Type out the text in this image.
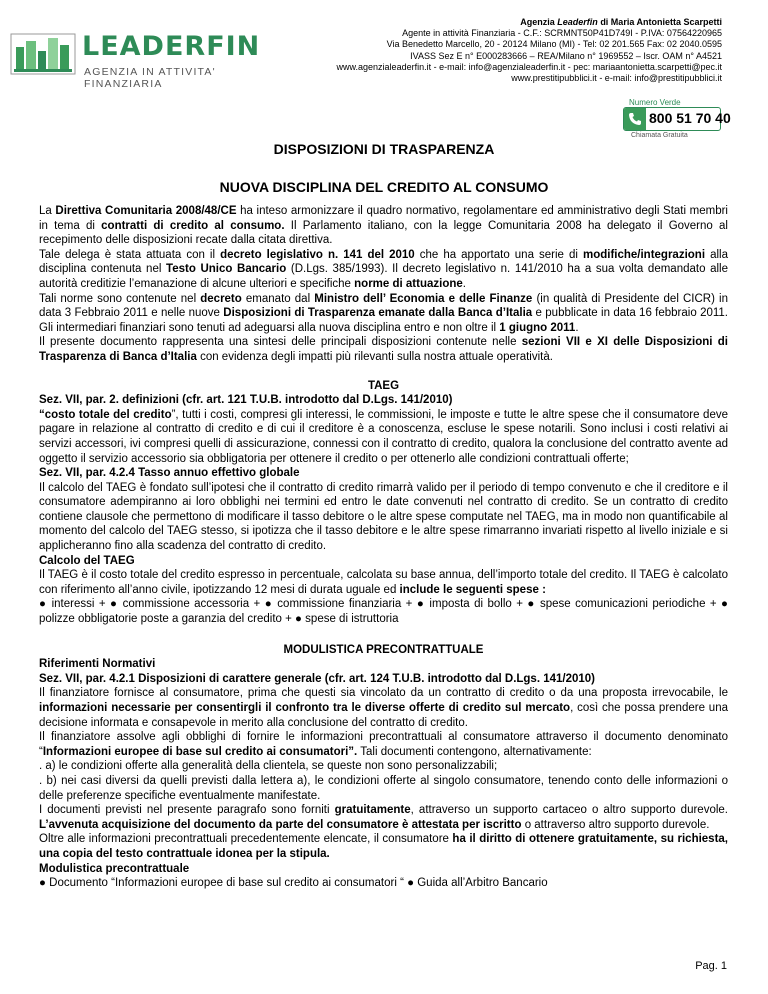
LEADERFIN
AGENZIA IN ATTIVITA' FINANZIARIA
Agenzia Leaderfin di Maria Antonietta Scarpetti
Agente in attività Finanziaria - C.F.: SCRMNT50P41D749I - P.IVA: 07564220965
Via Benedetto Marcello, 20 - 20124 Milano (MI) - Tel: 02 201.565 Fax: 02 2040.0595
IVASS Sez E n° E000283666 – REA/Milano n° 1969552 – Iscr. OAM n° A4521
www.agenzialeaderfin.it - e-mail: info@agenzialeaderfin.it - pec: mariaantonietta.scarpetti@pec.it
www.prestitipubblici.it - e-mail: info@prestitipubblici.it
Numero Verde
800 51 70 40
Chiamata Gratuita
DISPOSIZIONI DI TRASPARENZA
NUOVA DISCIPLINA DEL CREDITO AL CONSUMO

La Direttiva Comunitaria 2008/48/CE ha inteso armonizzare il quadro normativo, regolamentare ed amministrativo degli Stati membri in tema di contratti di credito al consumo. Il Parlamento italiano, con la legge Comunitaria 2008 ha delegato il Governo al recepimento delle disposizioni recate dalla citata direttiva.

Tale delega è stata attuata con il decreto legislativo n. 141 del 2010 che ha apportato una serie di modifiche/integrazioni alla disciplina contenuta nel Testo Unico Bancario (D.Lgs. 385/1993). Il decreto legislativo n. 141/2010 ha a sua volta demandato alle autorità creditizie l’emanazione di alcune ulteriori e specifiche norme di attuazione.

Tali norme sono contenute nel decreto emanato dal Ministro dell’ Economia e delle Finanze (in qualità di Presidente del CICR) in data 3 Febbraio 2011 e nelle nuove Disposizioni di Trasparenza emanate dalla Banca d’Italia e pubblicate in data 16 febbraio 2011. Gli intermediari finanziari sono tenuti ad adeguarsi alla nuova disciplina entro e non oltre il 1 giugno 2011.

Il presente documento rappresenta una sintesi delle principali disposizioni contenute nelle sezioni VII e XI delle Disposizioni di Trasparenza di Banca d’Italia con evidenza degli impatti più rilevanti sulla nostra attuale operatività.

TAEG

Sez. VII, par. 2. definizioni (cfr. art. 121 T.U.B. introdotto dal D.Lgs. 141/2010)

“costo totale del credito”, tutti i costi, compresi gli interessi, le commissioni, le imposte e tutte le altre spese che il consumatore deve pagare in relazione al contratto di credito e di cui il creditore è a conoscenza, escluse le spese notarili. Sono inclusi i costi relativi ai servizi accessori, ivi compresi quelli di assicurazione, connessi con il contratto di credito, qualora la conclusione del contratto avente ad oggetto il servizio accessorio sia obbligatoria per ottenere il credito o per ottenerlo alle condizioni contrattuali offerte;

Sez. VII, par. 4.2.4 Tasso annuo effettivo globale

Il calcolo del TAEG è fondato sull’ipotesi che il contratto di credito rimarrà valido per il periodo di tempo convenuto e che il creditore e il consumatore adempiranno ai loro obblighi nei termini ed entro le date convenuti nel contratto di credito. Se un contratto di credito contiene clausole che permettono di modificare il tasso debitore o le altre spese computate nel TAEG, ma in modo non quantificabile al momento del calcolo del TAEG stesso, si ipotizza che il tasso debitore e le altre spese rimarranno invariati rispetto al livello iniziale e si applicheranno fino alla scadenza del contratto di credito.

Calcolo del TAEG

Il TAEG è il costo totale del credito espresso in percentuale, calcolata su base annua, dell’importo totale del credito. Il TAEG è calcolato con riferimento all’anno civile, ipotizzando 12 mesi di durata uguale ed include le seguenti spese :

● interessi + ● commissione accessoria + ● commissione finanziaria + ● imposta di bollo + ● spese comunicazioni periodiche + ● polizze obbligatorie poste a garanzia del credito + ● spese di istruttoria

MODULISTICA PRECONTRATTUALE

Riferimenti Normativi

Sez. VII, par. 4.2.1 Disposizioni di carattere generale (cfr. art. 124 T.U.B. introdotto dal D.Lgs. 141/2010)

Il finanziatore fornisce al consumatore, prima che questi sia vincolato da un contratto di credito o da una proposta irrevocabile, le informazioni necessarie per consentirgli il confronto tra le diverse offerte di credito sul mercato, così che possa prendere una decisione informata e consapevole in merito alla conclusione del contratto di credito.

Il finanziatore assolve agli obblighi di fornire le informazioni precontrattuali al consumatore attraverso il documento denominato “Informazioni europee di base sul credito ai consumatori”. Tali documenti contengono, alternativamente:

. a) le condizioni offerte alla generalità della clientela, se queste non sono personalizzabili;

. b) nei casi diversi da quelli previsti dalla lettera a), le condizioni offerte al singolo consumatore, tenendo conto delle informazioni o delle preferenze specifiche eventualmente manifestate.

I documenti previsti nel presente paragrafo sono forniti gratuitamente, attraverso un supporto cartaceo o altro supporto durevole. L’avvenuta acquisizione del documento da parte del consumatore è attestata per iscritto o attraverso altro supporto durevole.

Oltre alle informazioni precontrattuali precedentemente elencate, il consumatore ha il diritto di ottenere gratuitamente, su richiesta, una copia del testo contrattuale idonea per la stipula.

Modulistica precontrattuale

● Documento “Informazioni europee di base sul credito ai consumatori “ ● Guida all’Arbitro Bancario

Pag. 1
